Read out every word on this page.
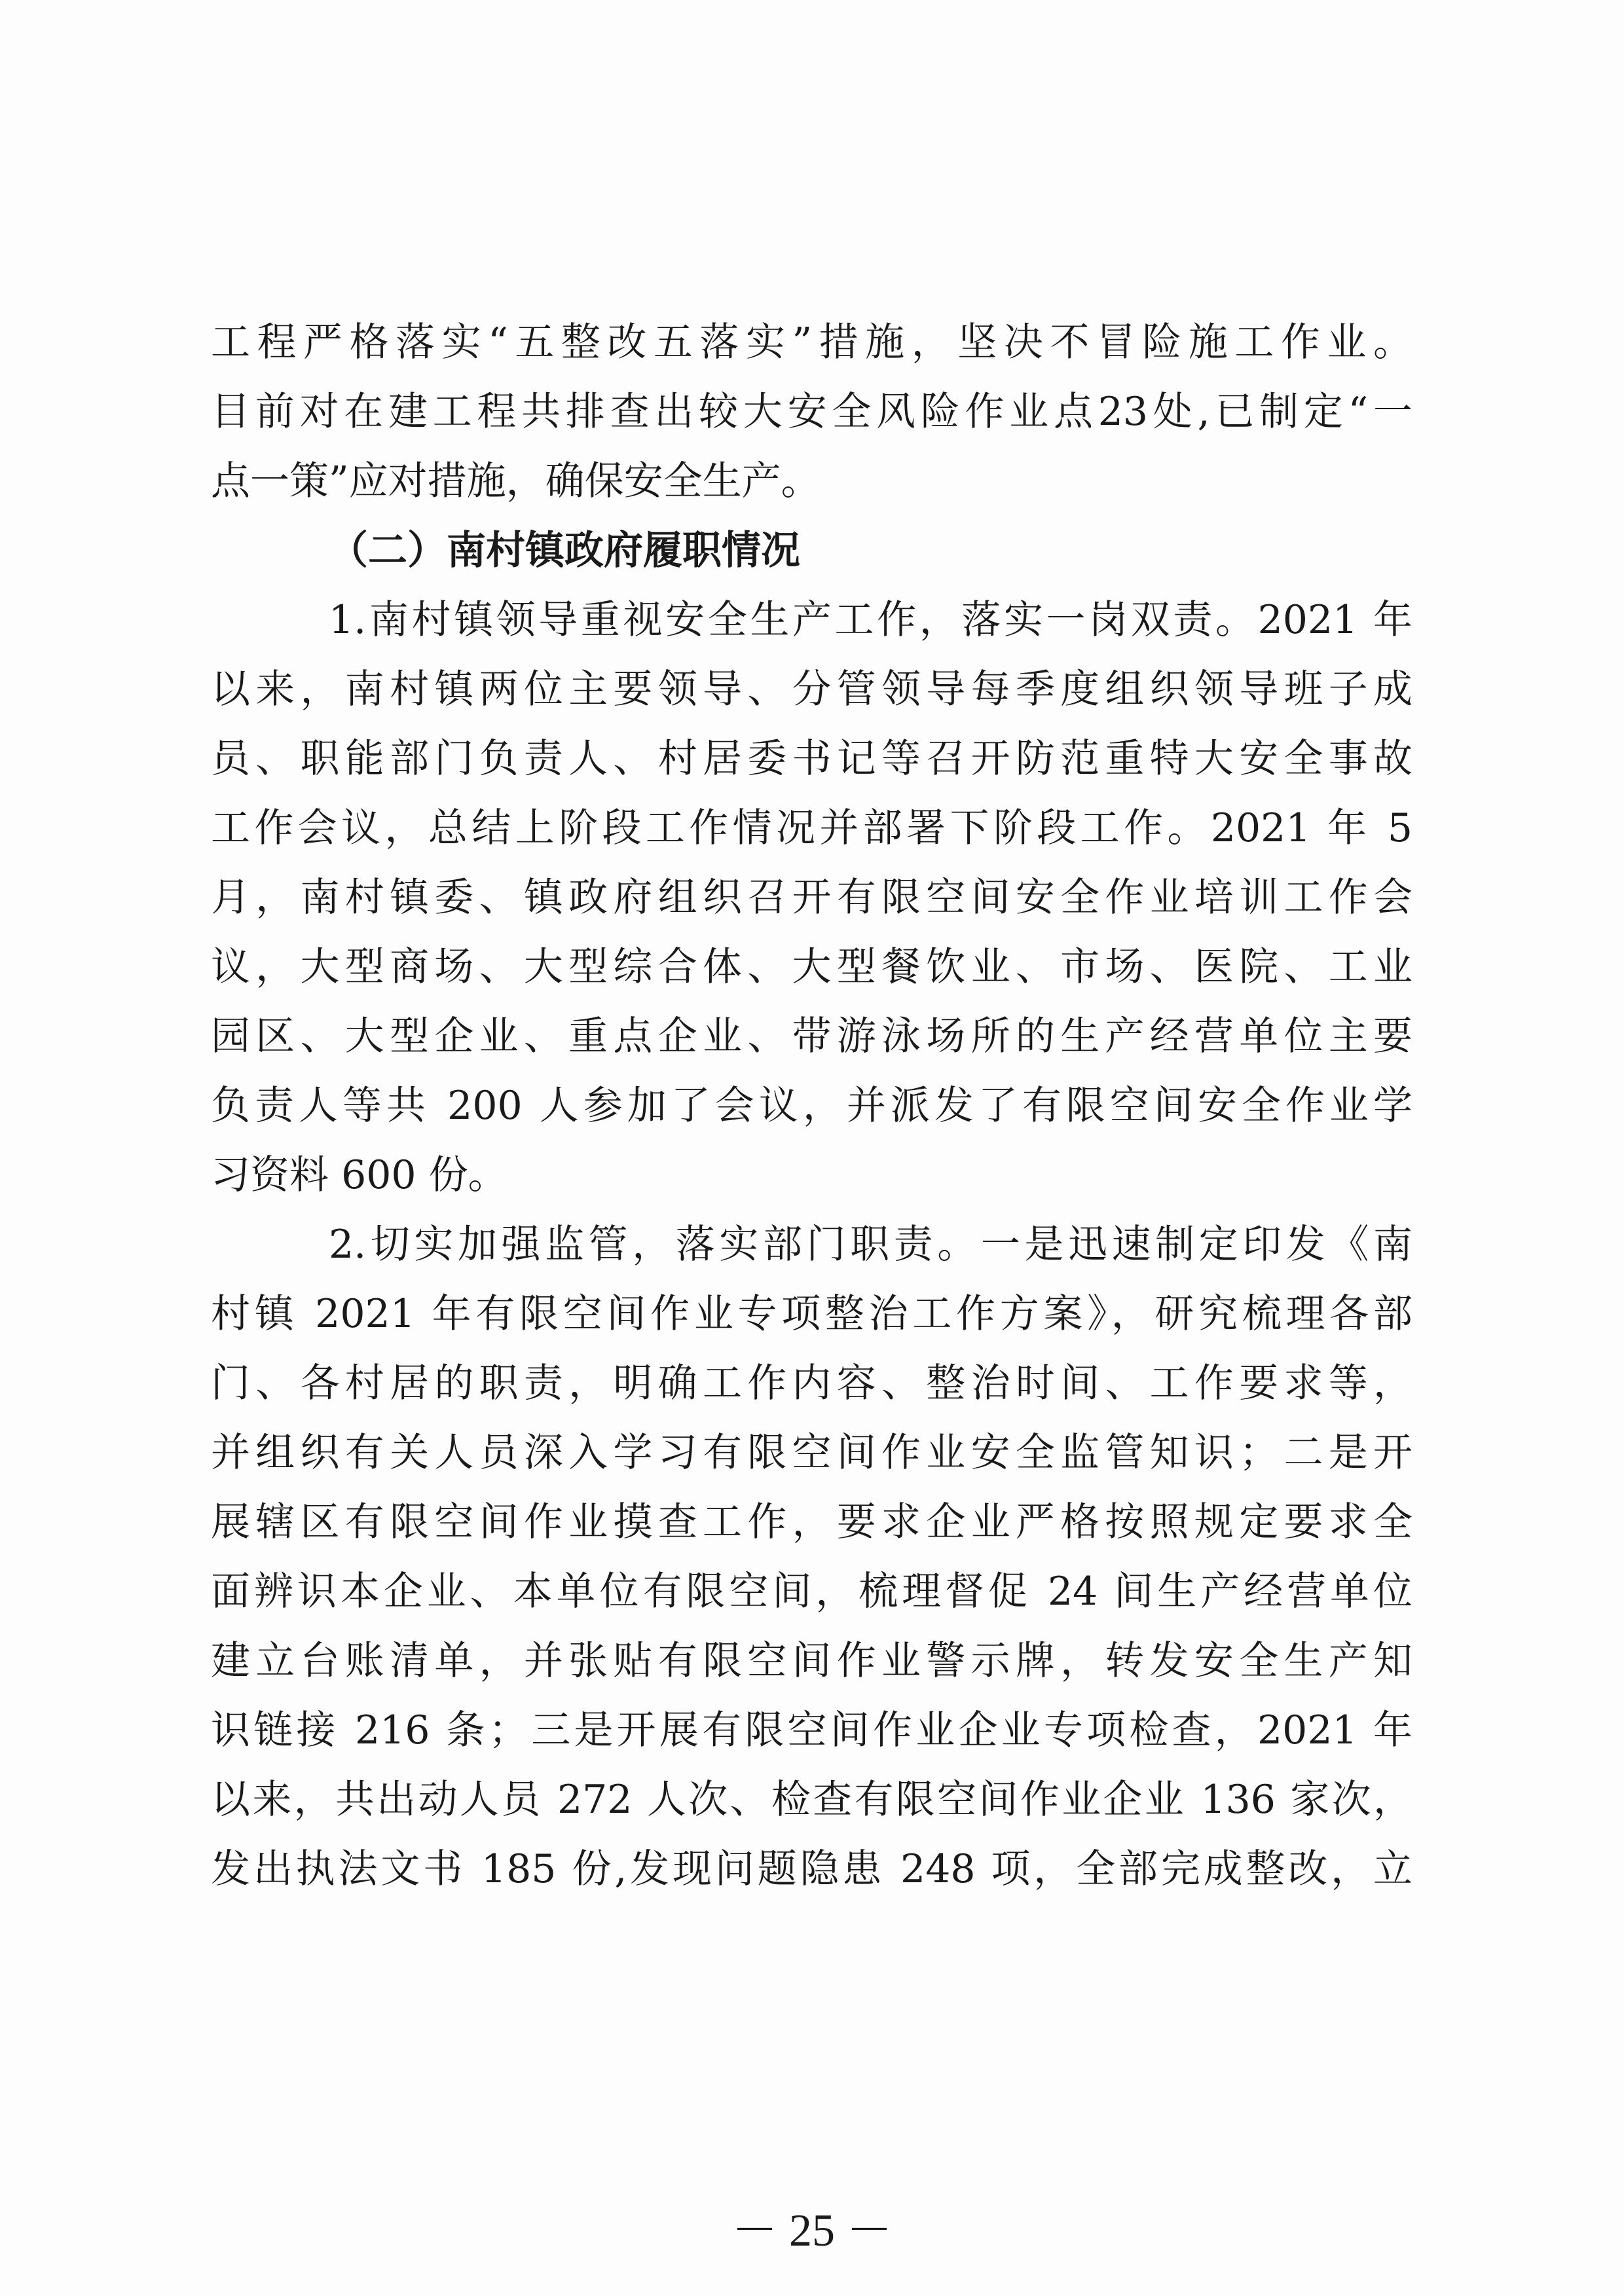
工程严格落实“五整改五落实”措施，坚决不冒险施工作业。
目前对在建工程共排查出较大安全风险作业点23处,已制定“一
点一策”应对措施，确保安全生产。
（二）南村镇政府履职情况
1.南村镇领导重视安全生产工作，落实一岗双责。2021 年
以来，南村镇两位主要领导、分管领导每季度组织领导班子成
员、职能部门负责人、村居委书记等召开防范重特大安全事故
工作会议，总结上阶段工作情况并部署下阶段工作。2021 年 5
月，南村镇委、镇政府组织召开有限空间安全作业培训工作会
议，大型商场、大型综合体、大型餐饮业、市场、医院、工业
园区、大型企业、重点企业、带游泳场所的生产经营单位主要
负责人等共 200 人参加了会议，并派发了有限空间安全作业学
习资料 600 份。
2.切实加强监管，落实部门职责。一是迅速制定印发《南
村镇 2021 年有限空间作业专项整治工作方案》，研究梳理各部
门、各村居的职责，明确工作内容、整治时间、工作要求等，
并组织有关人员深入学习有限空间作业安全监管知识；二是开
展辖区有限空间作业摸查工作，要求企业严格按照规定要求全
面辨识本企业、本单位有限空间，梳理督促 24 间生产经营单位
建立台账清单，并张贴有限空间作业警示牌，转发安全生产知
识链接 216 条；三是开展有限空间作业企业专项检查，2021 年
以来，共出动人员 272 人次、检查有限空间作业企业 136 家次，
发出执法文书 185 份,发现问题隐患 248 项，全部完成整改，立
－ 25 －
